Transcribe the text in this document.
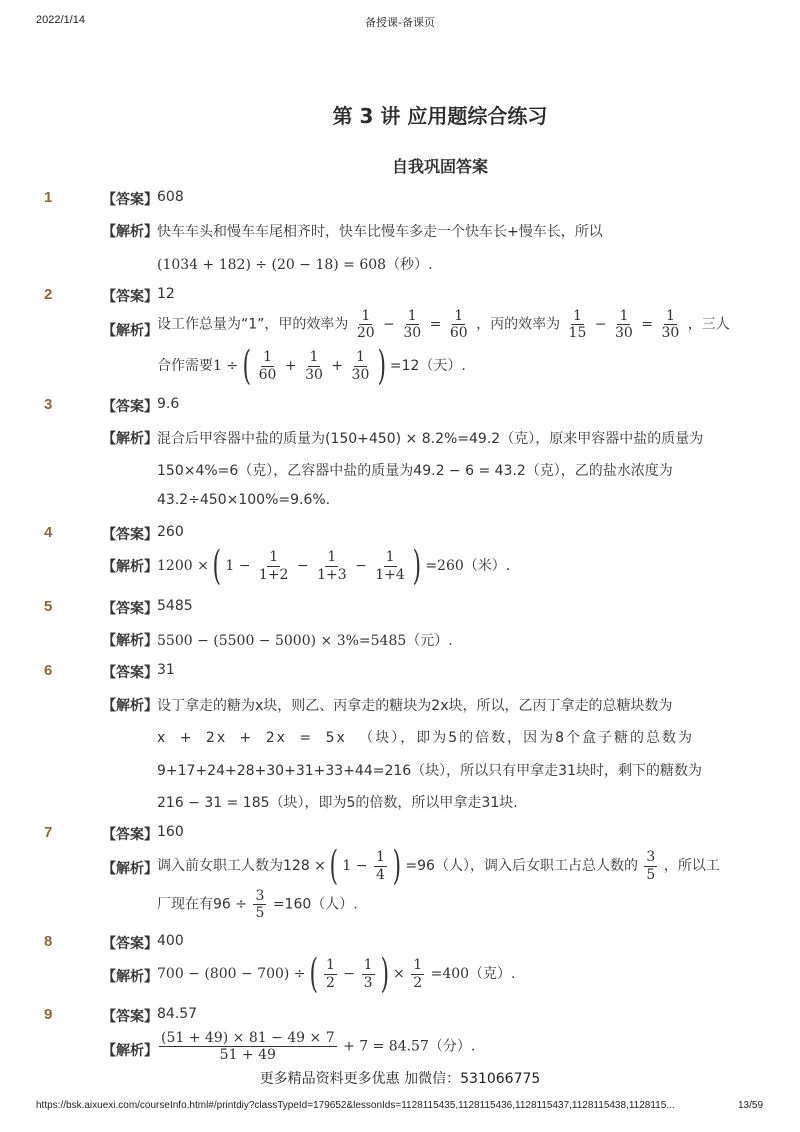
2022/1/14	备授课-备课页
第 3 讲 应用题综合练习
自我巩固答案
1	【答案】 608
【解析】 快车车头和慢车车尾相齐时，快车比慢车多走一个快车长+慢车长，所以
(1034 + 182) ÷ (20 − 18) = 608（秒）.
2	【答案】 12
【解析】 设工作总量为“1”，甲的效率为 $\frac{1}{20} - \frac{1}{30} = \frac{1}{60}$ ，丙的效率为 $\frac{1}{15} - \frac{1}{30} = \frac{1}{30}$ ，三人
合作需要1 ÷ ( $\frac{1}{60} + \frac{1}{30} + \frac{1}{30}$ ) =12（天）.
3	【答案】 9.6
【解析】 混合后甲容器中盐的质量为(150+450) × 8.2%=49.2（克），原来甲容器中盐的质量为
150×4%=6（克），乙容器中盐的质量为49.2 − 6 = 43.2（克），乙的盐水浓度为
43.2÷450×100%=9.6%.
4	【答案】 260
【解析】 1200 × ( $1 - \frac{1}{1+2} - \frac{1}{1+3} - \frac{1}{1+4}$ ) =260（米）.
5	【答案】 5485
【解析】 5500 − (5500 − 5000) × 3%=5485（元）.
6	【答案】 31
【解析】 设丁拿走的糖为x块，则乙、丙拿走的糖块为2x块，所以，乙丙丁拿走的总糖块数为
x + 2x + 2x = 5x （块），即为5的倍数，因为8个盒子糖的总数为
9+17+24+28+30+31+33+44=216（块），所以只有甲拿走31块时，剩下的糖数为
216 − 31 = 185（块），即为5的倍数，所以甲拿走31块.
7	【答案】 160
【解析】 调入前女职工人数为128 × ( $1 - \frac{1}{4}$ ) =96（人），调入后女职工占总人数的 $\frac{3}{5}$ ，所以工
厂现在有$96 \div \frac{3}{5} =160$（人）.
8	【答案】 400
【解析】 700 − (800 − 700) ÷ ( $\frac{1}{2} - \frac{1}{3}$ ) × $\frac{1}{2} =400$（克）.
9	【答案】 84.57
【解析】 $\frac{(51 + 49) \times 81 - 49 \times 7}{51 + 49} + 7 = 84.57$（分）.
更多精品资料更多优惠 加微信：531066775
https://bsk.aixuexi.com/courseInfo.html#/printdiy?classTypeId=179652&lessonIds=1128115435,1128115436,1128115437,1128115438,1128115...	13/59
